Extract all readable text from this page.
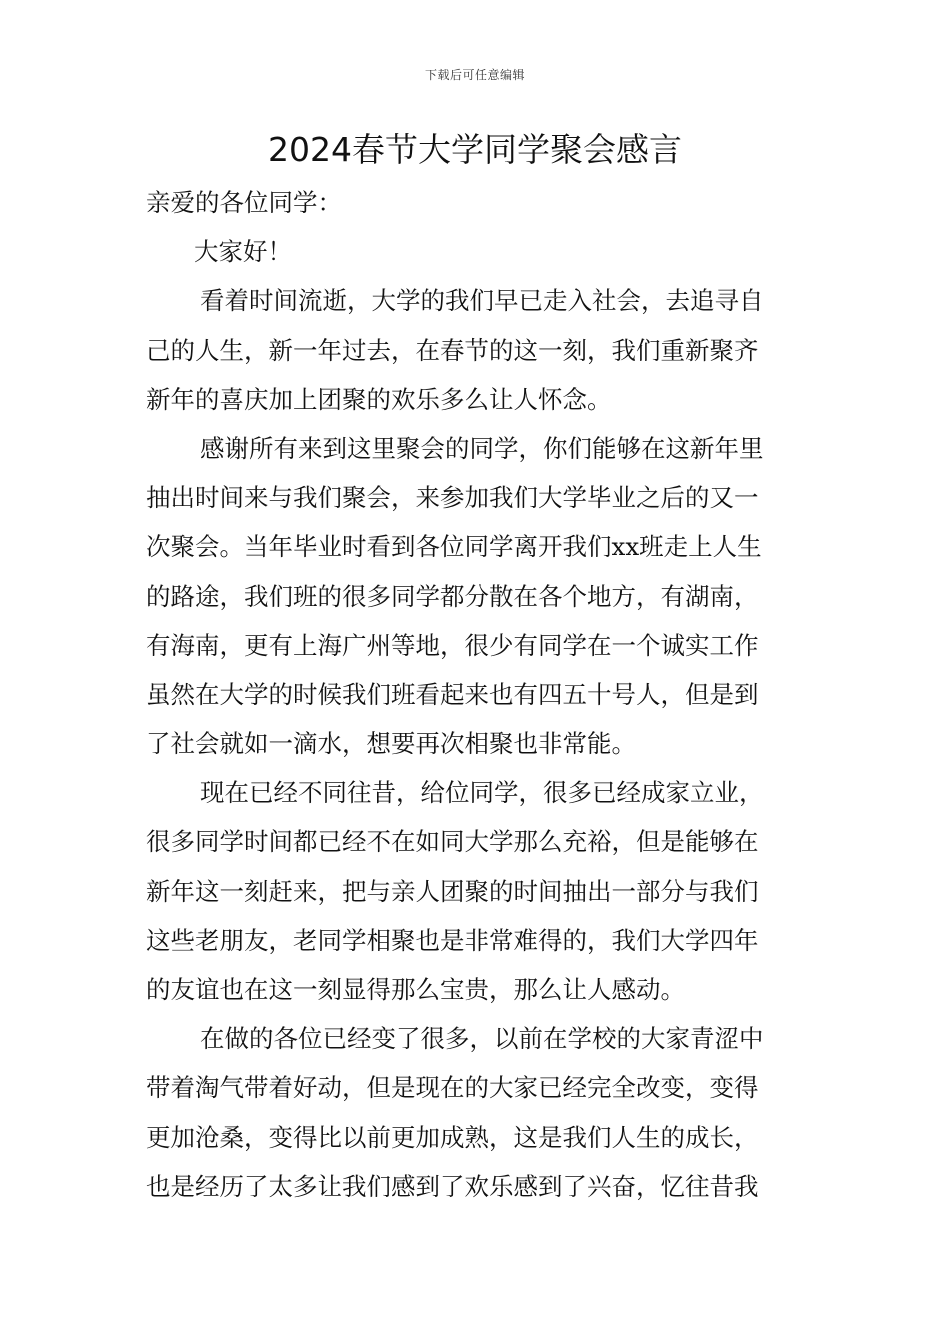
下载后可任意编辑
2024春节大学同学聚会感言
亲爱的各位同学：
大家好！
看着时间流逝，大学的我们早已走入社会，去追寻自
己的人生，新一年过去，在春节的这一刻，我们重新聚齐
新年的喜庆加上团聚的欢乐多么让人怀念。
感谢所有来到这里聚会的同学，你们能够在这新年里
抽出时间来与我们聚会，来参加我们大学毕业之后的又一
次聚会。当年毕业时看到各位同学离开我们xx班走上人生
的路途，我们班的很多同学都分散在各个地方，有湖南，
有海南，更有上海广州等地，很少有同学在一个诚实工作
虽然在大学的时候我们班看起来也有四五十号人，但是到
了社会就如一滴水，想要再次相聚也非常能。
现在已经不同往昔，给位同学，很多已经成家立业，
很多同学时间都已经不在如同大学那么充裕，但是能够在
新年这一刻赶来，把与亲人团聚的时间抽出一部分与我们
这些老朋友，老同学相聚也是非常难得的，我们大学四年
的友谊也在这一刻显得那么宝贵，那么让人感动。
在做的各位已经变了很多，以前在学校的大家青涩中
带着淘气带着好动，但是现在的大家已经完全改变，变得
更加沧桑，变得比以前更加成熟，这是我们人生的成长，
也是经历了太多让我们感到了欢乐感到了兴奋，忆往昔我
